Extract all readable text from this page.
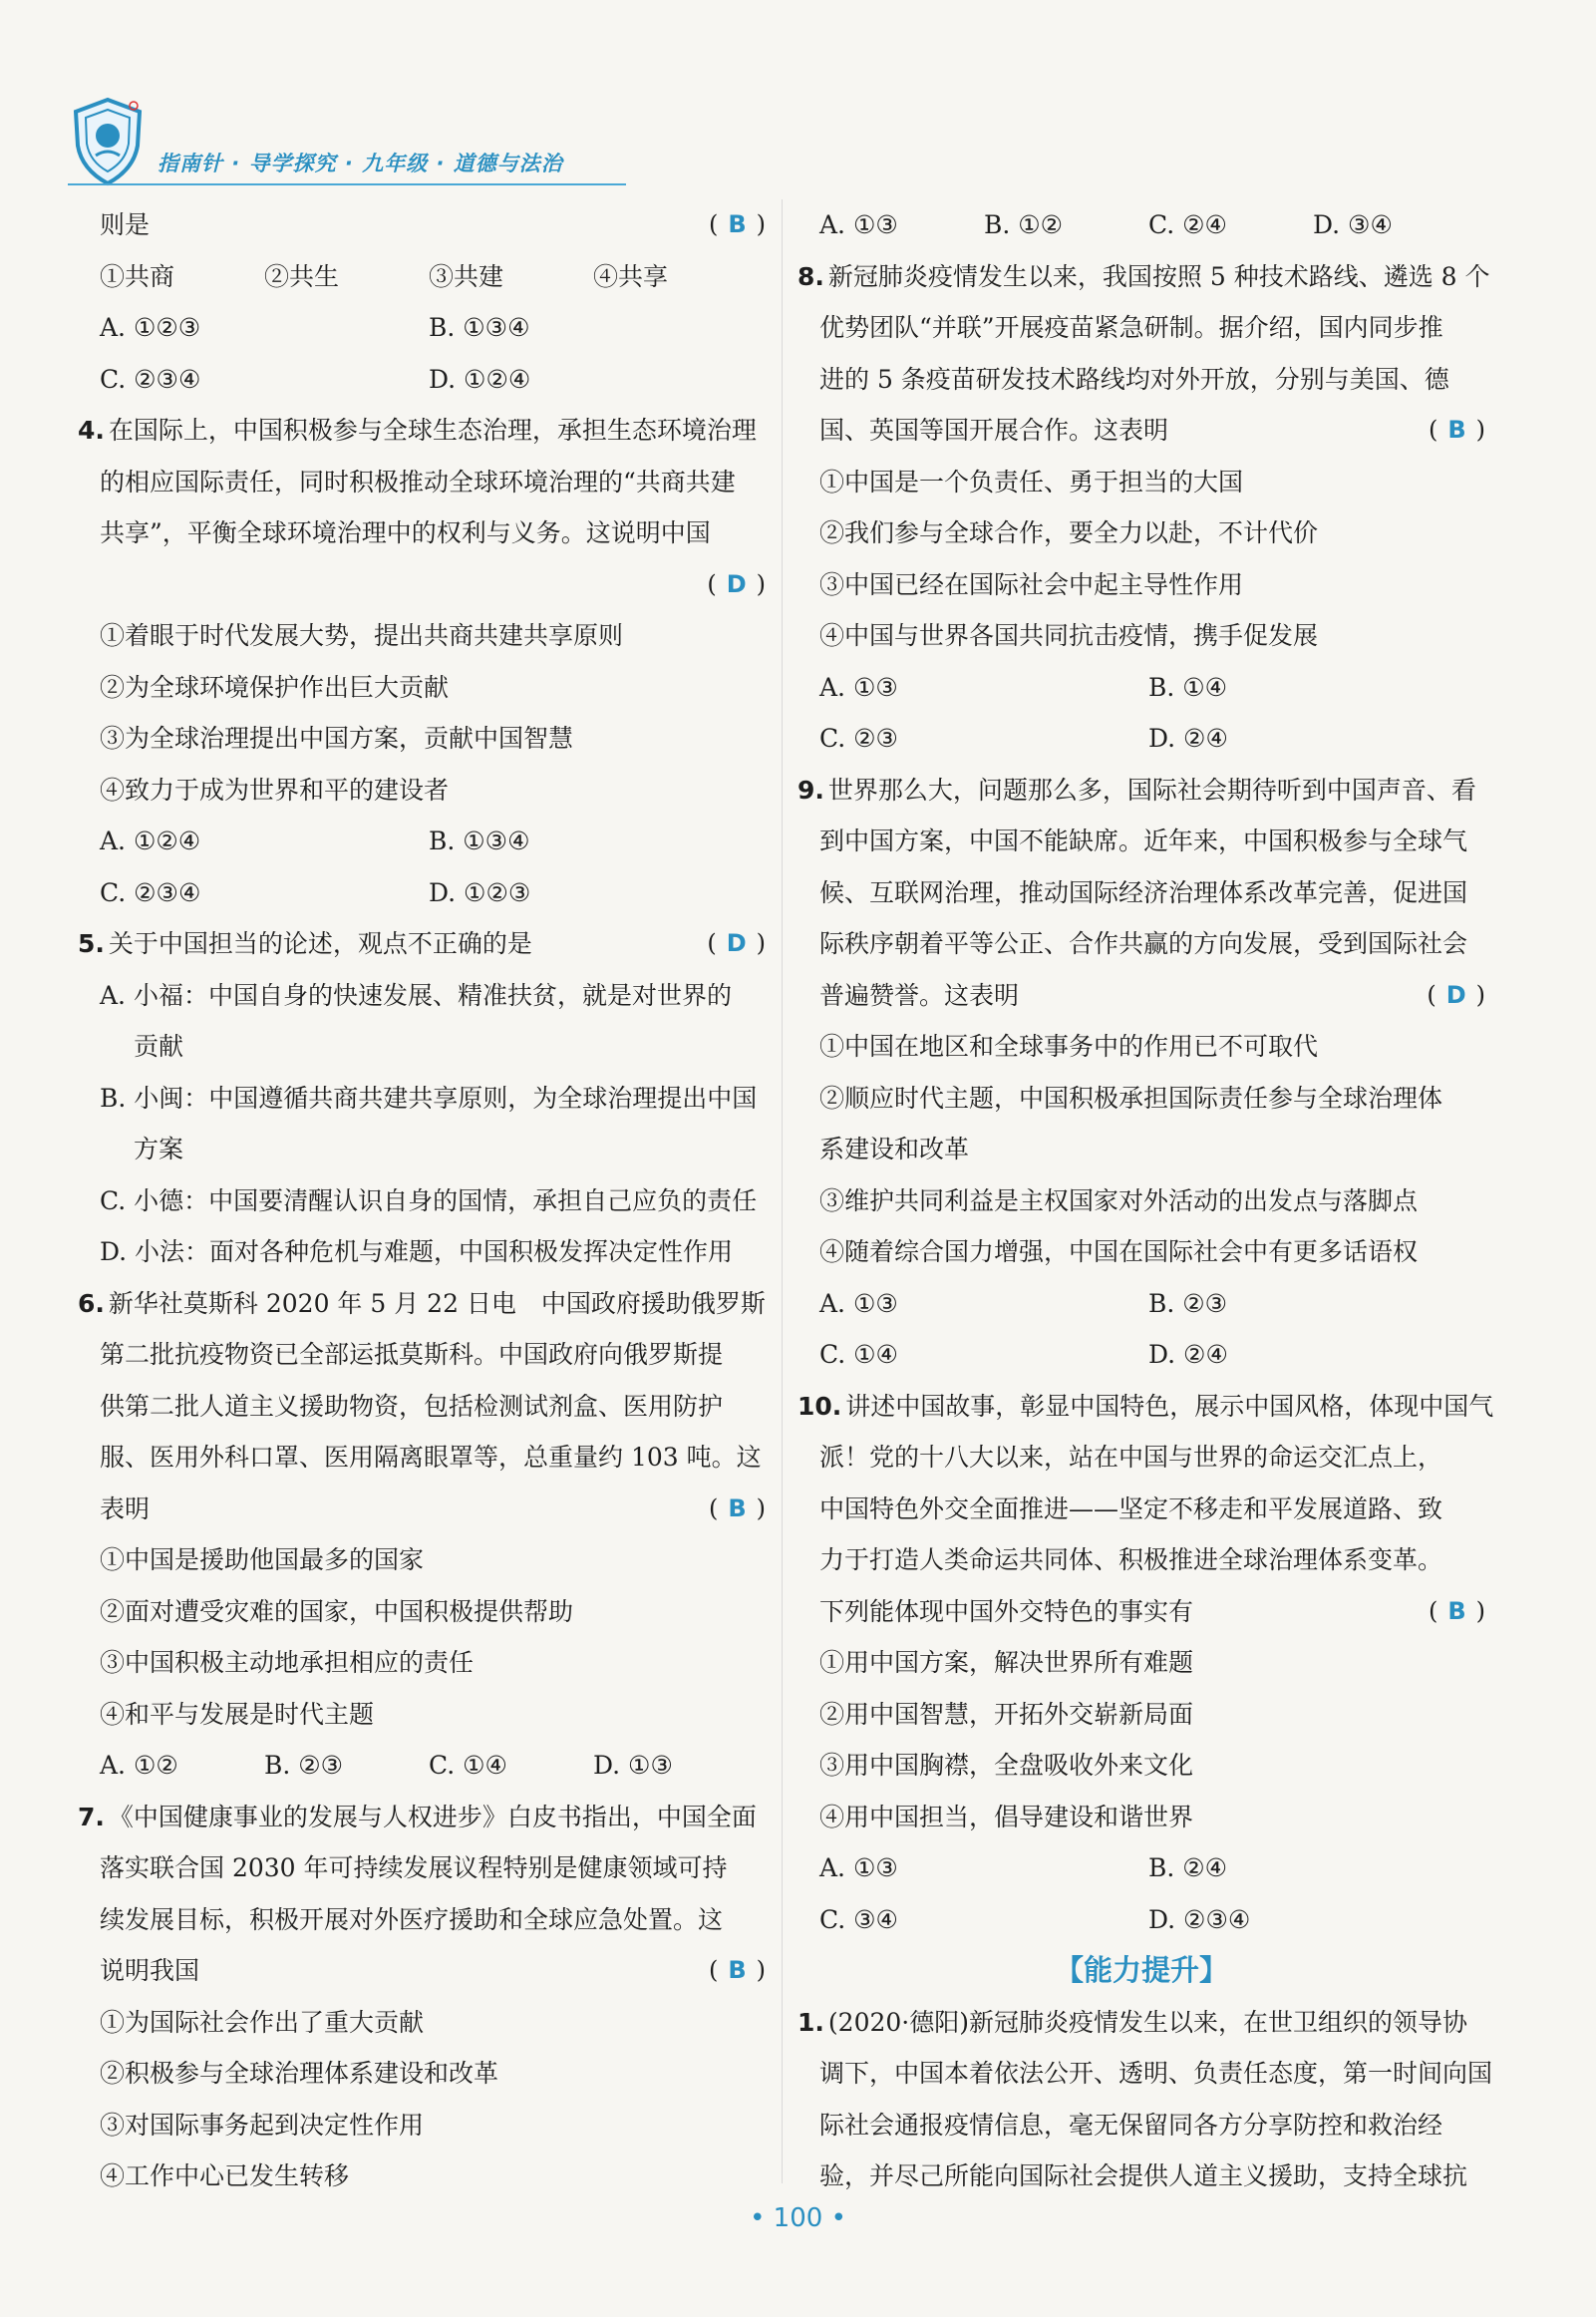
指南针 · 导学探究 · 九年级 · 道德与法治
则是	( B )
①共商	②共生	③共建	④共享
A. ①②③	B. ①③④
C. ②③④	D. ①②④
4. 在国际上，中国积极参与全球生态治理，承担生态环境治理
的相应国际责任，同时积极推动全球环境治理的“共商共建
共享”，平衡全球环境治理中的权利与义务。这说明中国
( D )
①着眼于时代发展大势，提出共商共建共享原则
②为全球环境保护作出巨大贡献
③为全球治理提出中国方案，贡献中国智慧
④致力于成为世界和平的建设者
A. ①②④	B. ①③④
C. ②③④	D. ①②③
5. 关于中国担当的论述，观点不正确的是	( D )
A. 小福：中国自身的快速发展、精准扶贫，就是对世界的
贡献
B. 小闽：中国遵循共商共建共享原则，为全球治理提出中国
方案
C. 小德：中国要清醒认识自身的国情，承担自己应负的责任
D. 小法：面对各种危机与难题，中国积极发挥决定性作用
6. 新华社莫斯科 2020 年 5 月 22 日电　中国政府援助俄罗斯
第二批抗疫物资已全部运抵莫斯科。中国政府向俄罗斯提
供第二批人道主义援助物资，包括检测试剂盒、医用防护
服、医用外科口罩、医用隔离眼罩等，总重量约 103 吨。这
表明	( B )
①中国是援助他国最多的国家
②面对遭受灾难的国家，中国积极提供帮助
③中国积极主动地承担相应的责任
④和平与发展是时代主题
A. ①②	B. ②③	C. ①④	D. ①③
7. 《中国健康事业的发展与人权进步》白皮书指出，中国全面
落实联合国 2030 年可持续发展议程特别是健康领域可持
续发展目标，积极开展对外医疗援助和全球应急处置。这
说明我国	( B )
①为国际社会作出了重大贡献
②积极参与全球治理体系建设和改革
③对国际事务起到决定性作用
④工作中心已发生转移
A. ①③	B. ①②	C. ②④	D. ③④
8. 新冠肺炎疫情发生以来，我国按照 5 种技术路线、遴选 8 个
优势团队“并联”开展疫苗紧急研制。据介绍，国内同步推
进的 5 条疫苗研发技术路线均对外开放，分别与美国、德
国、英国等国开展合作。这表明	( B )
①中国是一个负责任、勇于担当的大国
②我们参与全球合作，要全力以赴，不计代价
③中国已经在国际社会中起主导性作用
④中国与世界各国共同抗击疫情，携手促发展
A. ①③	B. ①④
C. ②③	D. ②④
9. 世界那么大，问题那么多，国际社会期待听到中国声音、看
到中国方案，中国不能缺席。近年来，中国积极参与全球气
候、互联网治理，推动国际经济治理体系改革完善，促进国
际秩序朝着平等公正、合作共赢的方向发展，受到国际社会
普遍赞誉。这表明	( D )
①中国在地区和全球事务中的作用已不可取代
②顺应时代主题，中国积极承担国际责任参与全球治理体
系建设和改革
③维护共同利益是主权国家对外活动的出发点与落脚点
④随着综合国力增强，中国在国际社会中有更多话语权
A. ①③	B. ②③
C. ①④	D. ②④
10. 讲述中国故事，彰显中国特色，展示中国风格，体现中国气
派！党的十八大以来，站在中国与世界的命运交汇点上，
中国特色外交全面推进——坚定不移走和平发展道路、致
力于打造人类命运共同体、积极推进全球治理体系变革。
下列能体现中国外交特色的事实有	( B )
①用中国方案，解决世界所有难题
②用中国智慧，开拓外交崭新局面
③用中国胸襟，全盘吸收外来文化
④用中国担当，倡导建设和谐世界
A. ①③	B. ②④
C. ③④	D. ②③④
【能力提升】
1. (2020·德阳)新冠肺炎疫情发生以来，在世卫组织的领导协
调下，中国本着依法公开、透明、负责任态度，第一时间向国
际社会通报疫情信息，毫无保留同各方分享防控和救治经
验，并尽己所能向国际社会提供人道主义援助，支持全球抗
• 100 •
